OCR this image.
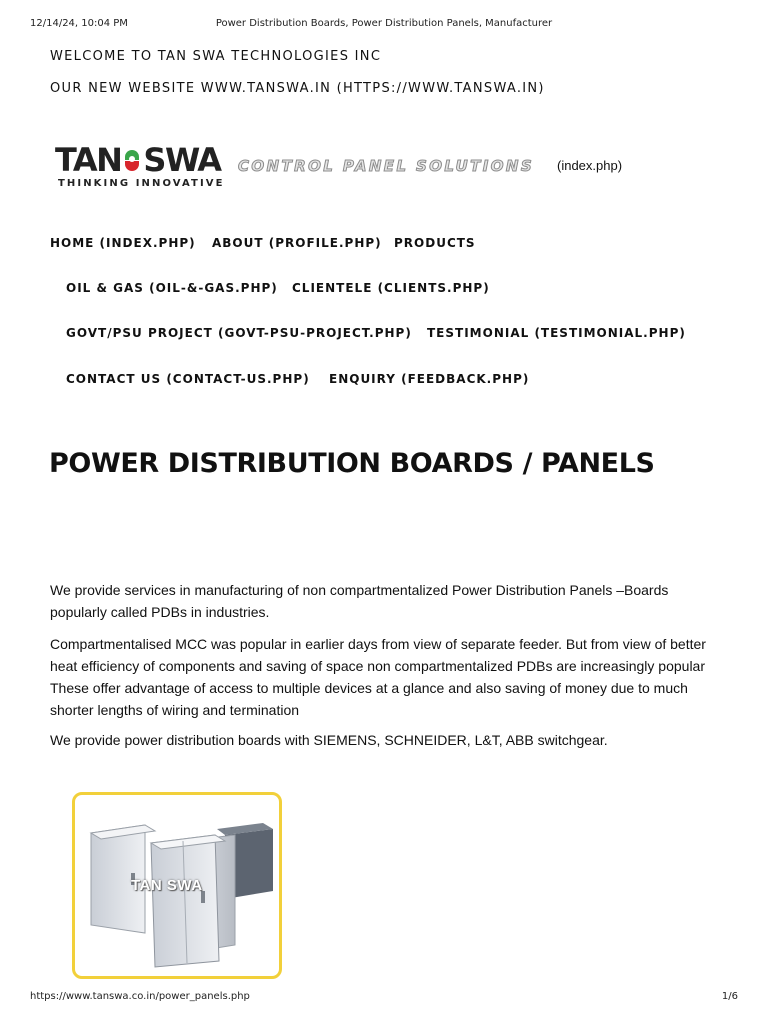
12/14/24, 10:04 PM	Power Distribution Boards, Power Distribution Panels, Manufacturer
WELCOME TO TAN SWA TECHNOLOGIES INC
OUR NEW WEBSITE WWW.TANSWA.IN (HTTPS://WWW.TANSWA.IN)
TAN SWA
THINKING INNOVATIVE
CONTROL PANEL SOLUTIONS (index.php)
HOME (INDEX.PHP) ABOUT (PROFILE.PHP) PRODUCTS
OIL & GAS (OIL-&-GAS.PHP) CLIENTELE (CLIENTS.PHP)
GOVT/PSU PROJECT (GOVT-PSU-PROJECT.PHP) TESTIMONIAL (TESTIMONIAL.PHP)
CONTACT US (CONTACT-US.PHP) ENQUIRY (FEEDBACK.PHP)
POWER DISTRIBUTION BOARDS / PANELS

We provide services in manufacturing of non compartmentalized Power Distribution Panels –Boards popularly called PDBs in industries.

Compartmentalised MCC was popular in earlier days from view of separate feeder. But from view of better heat efficiency of components and saving of space non compartmentalized PDBs are increasingly popular These offer advantage of access to multiple devices at a glance and also saving of money due to much shorter lengths of wiring and termination

We provide power distribution boards with SIEMENS, SCHNEIDER, L&T, ABB switchgear.

TAN SWA
https://www.tanswa.co.in/power_panels.php	1/6
